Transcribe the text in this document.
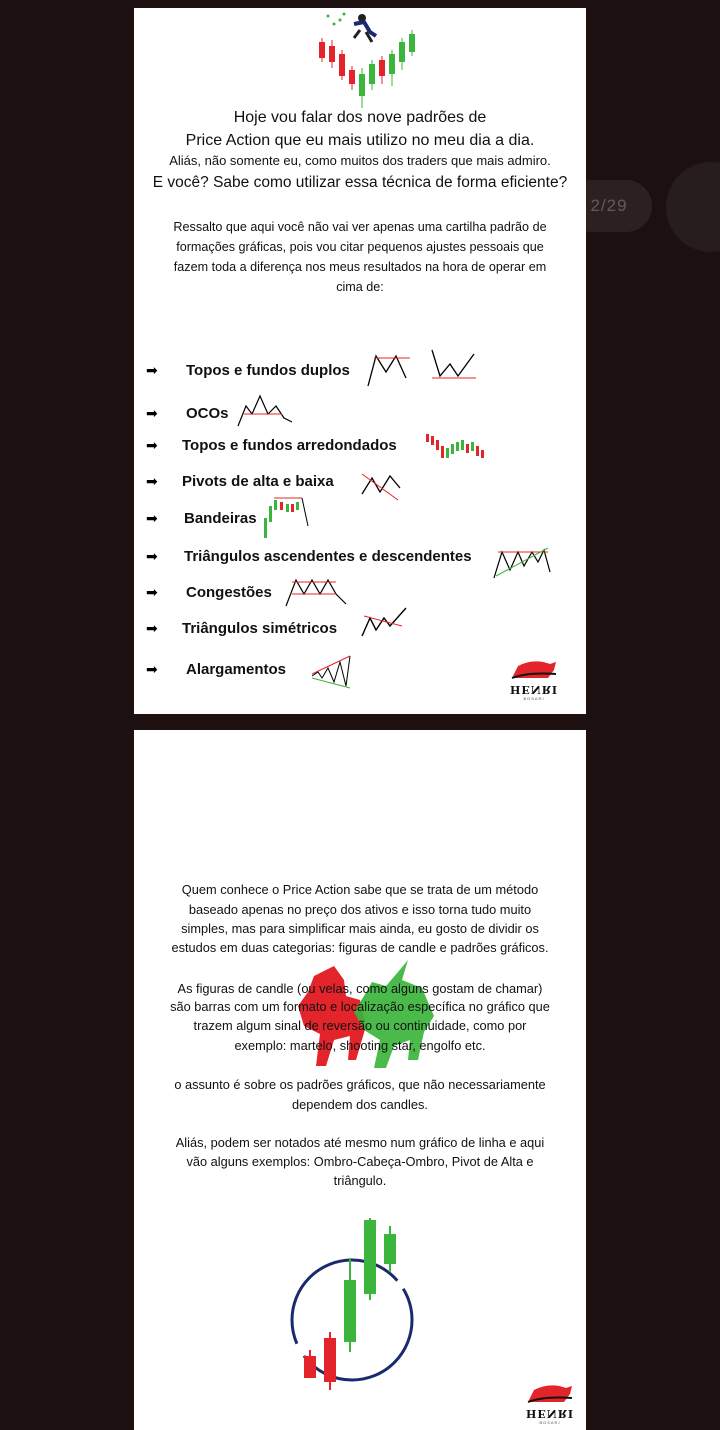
2/29
Hoje vou falar dos nove padrões de
Price Action que eu mais utilizo no meu dia a dia.
Aliás, não somente eu, como muitos dos traders que mais admiro.
E você? Sabe como utilizar essa técnica de forma eficiente?
Ressalto que aqui você não vai ver apenas uma cartilha padrão de
formações gráficas, pois vou citar pequenos ajustes pessoais que
fazem toda a diferença nos meus resultados na hora de operar em
cima de:
➡	Topos e fundos duplos
➡	OCOs
➡	Topos e fundos arredondados
➡	Pivots de alta e baixa
➡	Bandeiras
➡	Triângulos ascendentes e descendentes
➡	Congestões
➡	Triângulos simétricos
➡	Alargamentos
HENRI
BOSARI
Quem conhece o Price Action sabe que se trata de um método
baseado apenas no preço dos ativos e isso torna tudo muito
simples, mas para simplificar mais ainda, eu gosto de dividir os
estudos em duas categorias: figuras de candle e padrões gráficos.
As figuras de candle (ou velas, como alguns gostam de chamar)
são barras com um formato e localização específica no gráfico que
trazem algum sinal de reversão ou continuidade, como por
exemplo: martelo, shooting star, engolfo etc.
o assunto é sobre os padrões gráficos, que não necessariamente
dependem dos candles.
Aliás, podem ser notados até mesmo num gráfico de linha e aqui
vão alguns exemplos: Ombro-Cabeça-Ombro, Pivot de Alta e
triângulo.
HENRI
BOSARI
